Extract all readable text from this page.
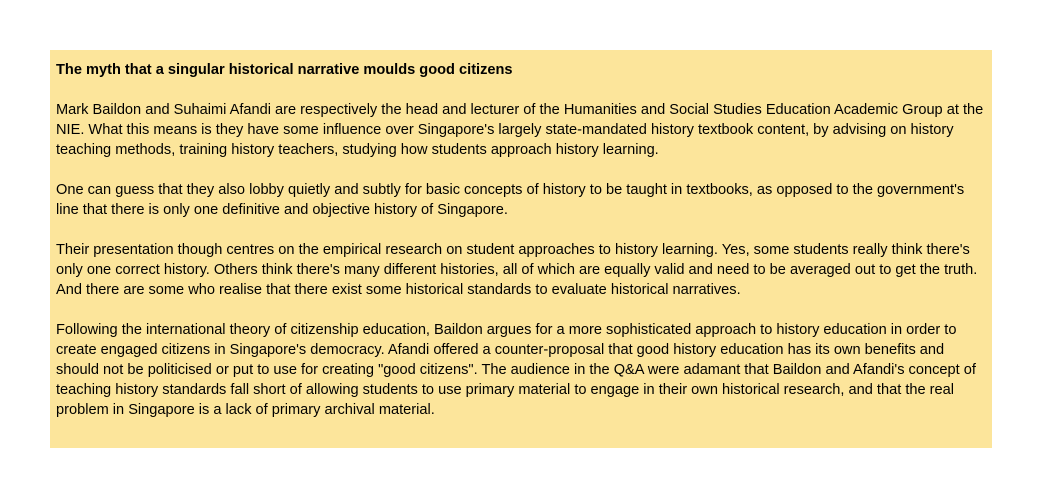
The myth that a singular historical narrative moulds good citizens

Mark Baildon and Suhaimi Afandi are respectively the head and lecturer of the Humanities and Social Studies Education Academic Group at the NIE. What this means is they have some influence over Singapore's largely state-mandated history textbook content, by advising on history teaching methods, training history teachers, studying how students approach history learning.

One can guess that they also lobby quietly and subtly for basic concepts of history to be taught in textbooks, as opposed to the government's line that there is only one definitive and objective history of Singapore.

Their presentation though centres on the empirical research on student approaches to history learning. Yes, some students really think there's only one correct history. Others think there's many different histories, all of which are equally valid and need to be averaged out to get the truth. And there are some who realise that there exist some historical standards to evaluate historical narratives.

Following the international theory of citizenship education, Baildon argues for a more sophisticated approach to history education in order to create engaged citizens in Singapore's democracy. Afandi offered a counter-proposal that good history education has its own benefits and should not be politicised or put to use for creating "good citizens". The audience in the Q&A were adamant that Baildon and Afandi's concept of teaching history standards fall short of allowing students to use primary material to engage in their own historical research, and that the real problem in Singapore is a lack of primary archival material.
